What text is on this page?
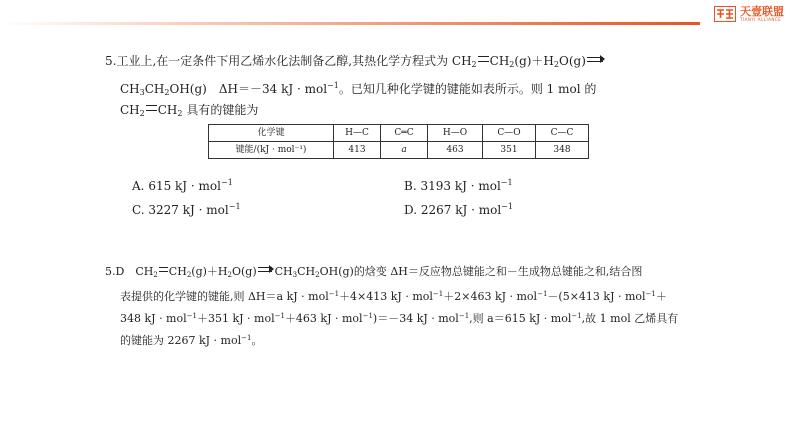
天壹联盟
TIANYI ALLIANCE
5.工业上,在一定条件下用乙烯水化法制备乙醇,其热化学方程式为 $CH_2$ $CH_2(g)+H_2O(g)$
$CH_3CH_2OH(g)$　ΔH＝－34 kJ · mol$^{-1}$。已知几种化学键的键能如表所示。则 1 mol 的
$CH_2$ $CH_2$ 具有的键能为
化学键	H—C	C═C	H—O	C—O	C—C
键能/(kJ · mol⁻¹)	413	a	463	351	348
A. 615 kJ · mol$^{-1}$	B. 3193 kJ · mol$^{-1}$
C. 3227 kJ · mol$^{-1}$	D. 2267 kJ · mol$^{-1}$
5.D　$CH_2$ $CH_2(g)+H_2O(g)$ $CH_3CH_2OH(g)$的焓变 ΔH＝反应物总键能之和－生成物总键能之和,结合图
表提供的化学键的键能,则 ΔH＝a kJ · mol$^{-1}$＋4×413 kJ · mol$^{-1}$＋2×463 kJ · mol$^{-1}$－(5×413 kJ · mol$^{-1}$＋
348 kJ · mol$^{-1}$＋351 kJ · mol$^{-1}$＋463 kJ · mol$^{-1}$)＝－34 kJ · mol$^{-1}$,则 a＝615 kJ · mol$^{-1}$,故 1 mol 乙烯具有
的键能为 2267 kJ · mol$^{-1}$。
